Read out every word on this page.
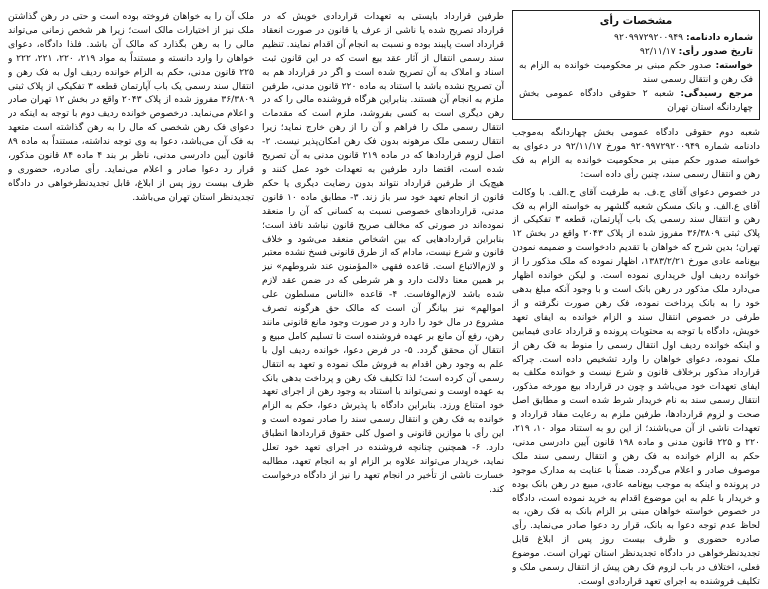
مشخصات رأی
شماره دادنامه: ۹۲۰۹۹۷۲۹۲۰۰۹۴۹
تاریخ صدور رأی: ۹۲/۱۱/۱۷
خواسته: صدور حکم مبنی بر محکومیت خوانده به الزام به فک رهن و انتقال رسمی سند
مرجع رسیدگی: شعبه ۲ حقوقی دادگاه عمومی بخش چهاردانگه استان تهران

شعبه دوم حقوقی دادگاه عمومی بخش چهاردانگه به‌موجب دادنامه شماره ۹۲۰۹۹۷۲۹۲۰۰۹۴۹ مورخ ۹۲/۱۱/۱۷ در دعوای به خواسته صدور حکم مبنی بر محکومیت خوانده به الزام به فک رهن و انتقال رسمی سند، چنین رأی داده است:

در خصوص دعوای آقای ج.ف. به طرفیت آقای ح.الف. با وکالت آقای ع.الف. و بانک مسکن شعبه گلشهر به خواسته الزام به فک رهن و انتقال سند رسمی یک باب آپارتمان، قطعه ۳ تفکیکی از پلاک ثبتی ۳۶/۳۸۰۹ مفروز شده از پلاک ۲۰۴۳ واقع در بخش ۱۲ تهران؛ بدین شرح که خواهان با تقدیم دادخواست و ضمیمه نمودن بیع‌نامه عادی مورخ ۱۳۸۳/۲/۲۱، اظهار نموده که ملک مذکور را از خوانده ردیف اول خریداری نموده است. و لیکن خوانده اظهار می‌دارد ملک مذکور در رهن بانک است و با وجود آنکه مبلغ بدهی خود را به بانک پرداخت نموده، فک رهن صورت نگرفته و از طرفی در خصوص انتقال سند و الزام خوانده به ایفای تعهد خویش، دادگاه با توجه به محتویات پرونده و قرارداد عادی فیمابین و اینکه خوانده ردیف اول انتقال رسمی را منوط به فک رهن از ملک نموده، دعوای خواهان را وارد تشخیص داده است. چراکه قرارداد مذکور برخلاف قانون و شرع نیست و خوانده مکلف به ایفای تعهدات خود می‌باشد و چون در قرارداد بیع مورخه مذکور، انتقال رسمی سند به نام خریدار شرط شده است و مطابق اصل صحت و لزوم قراردادها، طرفین ملزم به رعایت مفاد قرارداد و تعهدات ناشی از آن می‌باشند؛ از این رو به استناد مواد ۱۰، ۲۱۹، ۲۲۰ و ۲۲۵ قانون مدنی و ماده ۱۹۸ قانون آیین دادرسی مدنی، حکم به الزام خوانده به فک رهن و انتقال رسمی سند ملک موصوف صادر و اعلام می‌گردد. ضمناً با عنایت به مدارک موجود در پرونده و اینکه به موجب بیع‌نامه عادی، مبیع در رهن بانک بوده و خریدار با علم به این موضوع اقدام به خرید نموده است، دادگاه در خصوص خواسته خواهان مبنی بر الزام بانک به فک رهن، به لحاظ عدم توجه دعوا به بانک، قرار رد دعوا صادر می‌نماید. رأی صادره حضوری و ظرف بیست روز پس از ابلاغ قابل تجدیدنظرخواهی در دادگاه تجدیدنظر استان تهران است. موضوع فعلی، اختلاف در باب لزوم فک رهن پیش از انتقال رسمی ملک و تکلیف فروشنده به اجرای تعهد قراردادی اوست.

طرفین قرارداد بایستی به تعهدات قراردادی خویش که در قرارداد تصریح شده یا ناشی از عرف یا قانون در صورت انعقاد قرارداد است پایبند بوده و نسبت به انجام آن اقدام نمایند. تنظیم سند رسمی انتقال از آثار عقد بیع است که در این قانون ثبت اسناد و املاک به آن تصریح شده است و اگر در قرارداد هم به آن تصریح نشده باشد با استناد به ماده ۲۲۰ قانون مدنی، طرفین ملزم به انجام آن هستند. بنابراین هرگاه فروشنده مالی را که در رهن دیگری است به کسی بفروشد، ملزم است که مقدمات انتقال رسمی ملک را فراهم و آن را از رهن خارج نماید؛ زیرا انتقال رسمی ملک مرهونه بدون فک رهن امکان‌پذیر نیست. ۲- اصل لزوم قراردادها که در ماده ۲۱۹ قانون مدنی به آن تصریح شده است، اقتضا دارد طرفین به تعهدات خود عمل کنند و هیچ‌یک از طرفین قرارداد نتواند بدون رضایت دیگری یا حکم قانون از انجام تعهد خود سر باز زند. ۳- مطابق ماده ۱۰ قانون مدنی، قراردادهای خصوصی نسبت به کسانی که آن را منعقد نموده‌اند در صورتی که مخالف صریح قانون نباشد نافذ است؛ بنابراین قراردادهایی که بین اشخاص منعقد می‌شود و خلاف قانون و شرع نیست، مادام که از طرق قانونی فسخ نشده معتبر و لازم‌الاتباع است. قاعده فقهی «المؤمنون عند شروطهم» نیز بر همین معنا دلالت دارد و هر شرطی که در ضمن عقد لازم شده باشد لازم‌الوفاست. ۴- قاعده «الناس مسلطون علی اموالهم» نیز بیانگر آن است که مالک حق هرگونه تصرف مشروع در مال خود را دارد و در صورت وجود مانع قانونی مانند رهن، رفع آن مانع بر عهده فروشنده است تا تسلیم کامل مبیع و انتقال آن محقق گردد. ۵- در فرض دعوا، خوانده ردیف اول با علم به وجود رهن اقدام به فروش ملک نموده و تعهد به انتقال رسمی آن کرده است؛ لذا تکلیف فک رهن و پرداخت بدهی بانک به عهده اوست و نمی‌تواند با استناد به وجود رهن از اجرای تعهد خود امتناع ورزد. بنابراین دادگاه با پذیرش دعوا، حکم به الزام خوانده به فک رهن و انتقال رسمی سند را صادر نموده است و این رأی با موازین قانونی و اصول کلی حقوق قراردادها انطباق دارد. ۶- همچنین چنانچه فروشنده در اجرای تعهد خود تعلل نماید، خریدار می‌تواند علاوه بر الزام او به انجام تعهد، مطالبه خسارت ناشی از تأخیر در انجام تعهد را نیز از دادگاه درخواست کند.

ملک آن را به خواهان فروخته بوده است و حتی در رهن گذاشتن ملک نیز از اختیارات مالک است؛ زیرا هر شخص زمانی می‌تواند مالی را به رهن بگذارد که مالک آن باشد. فلذا دادگاه، دعوای خواهان را وارد دانسته و مستنداً به مواد ۲۱۹، ۲۲۰، ۲۲۱، ۲۲۲ و ۲۲۵ قانون مدنی، حکم به الزام خوانده ردیف اول به فک رهن و انتقال سند رسمی یک باب آپارتمان قطعه ۳ تفکیکی از پلاک ثبتی ۳۶/۳۸۰۹ مفروز شده از پلاک ۲۰۴۳ واقع در بخش ۱۲ تهران صادر و اعلام می‌نماید. درخصوص خوانده ردیف دوم با توجه به اینکه در دعوای فک رهن شخصی که مال را به رهن گذاشته است متعهد به فک آن می‌باشد، دعوا به وی توجه نداشته، مستنداً به ماده ۸۹ قانون آیین دادرسی مدنی، ناظر بر بند ۴ ماده ۸۴ قانون مذکور، قرار رد دعوا صادر و اعلام می‌نماید. رأی صادره، حضوری و ظرف بیست روز پس از ابلاغ، قابل تجدیدنظرخواهی در دادگاه تجدیدنظر استان تهران می‌باشد.
